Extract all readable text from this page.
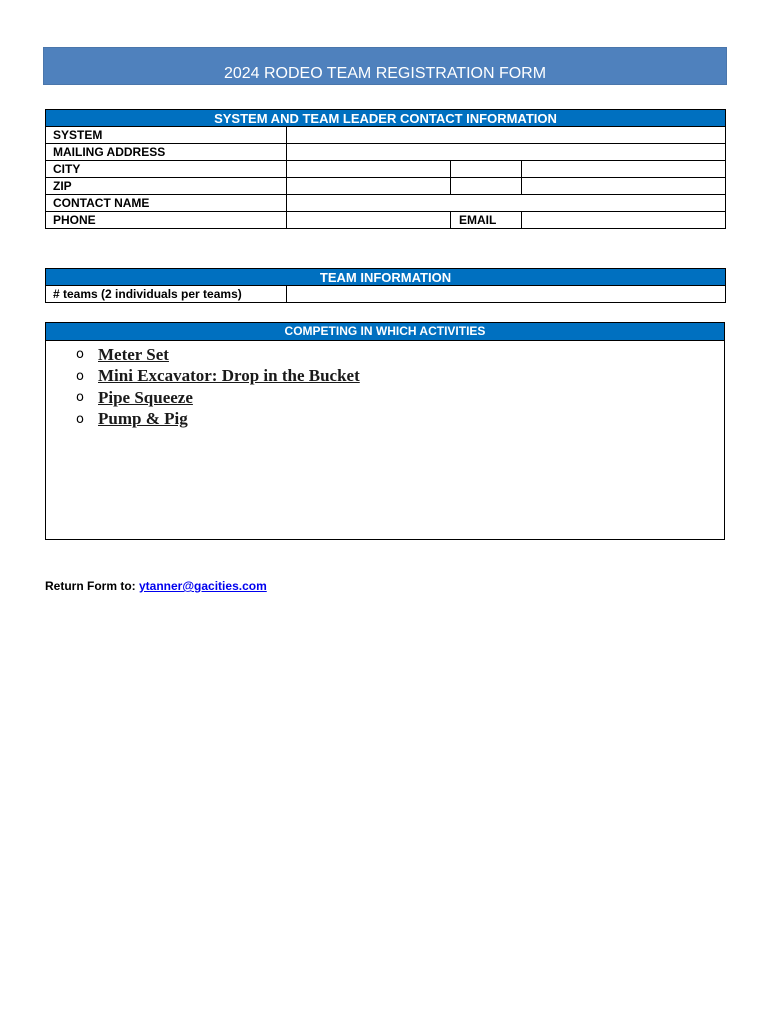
2024 RODEO TEAM REGISTRATION FORM
SYSTEM AND TEAM LEADER CONTACT INFORMATION			
SYSTEM			
MAILING ADDRESS			
CITY			
ZIP			
CONTACT NAME			
PHONE		EMAIL	
TEAM INFORMATION
# teams (2 individuals per teams)	
COMPETING IN WHICH ACTIVITIES
o Meter Set
o Mini Excavator: Drop in the Bucket
o Pipe Squeeze
o Pump & Pig
Return Form to: ytanner@gacities.com
